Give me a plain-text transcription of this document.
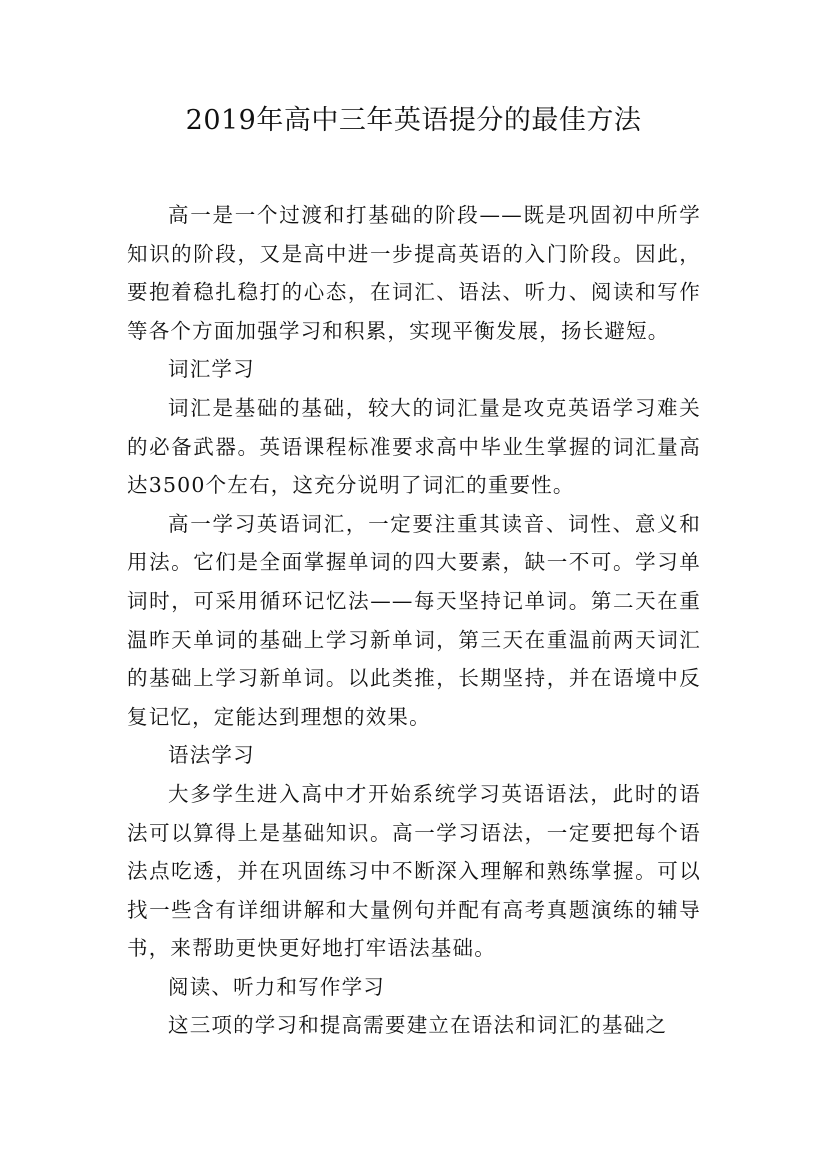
2019年高中三年英语提分的最佳方法

高一是一个过渡和打基础的阶段——既是巩固初中所学知识的阶段，又是高中进一步提高英语的入门阶段。因此，要抱着稳扎稳打的心态，在词汇、语法、听力、阅读和写作等各个方面加强学习和积累，实现平衡发展，扬长避短。

词汇学习

词汇是基础的基础，较大的词汇量是攻克英语学习难关的必备武器。英语课程标准要求高中毕业生掌握的词汇量高达3500个左右，这充分说明了词汇的重要性。

高一学习英语词汇，一定要注重其读音、词性、意义和用法。它们是全面掌握单词的四大要素，缺一不可。学习单词时，可采用循环记忆法——每天坚持记单词。第二天在重温昨天单词的基础上学习新单词，第三天在重温前两天词汇的基础上学习新单词。以此类推，长期坚持，并在语境中反复记忆，定能达到理想的效果。

语法学习

大多学生进入高中才开始系统学习英语语法，此时的语法可以算得上是基础知识。高一学习语法，一定要把每个语法点吃透，并在巩固练习中不断深入理解和熟练掌握。可以找一些含有详细讲解和大量例句并配有高考真题演练的辅导书，来帮助更快更好地打牢语法基础。

阅读、听力和写作学习

这三项的学习和提高需要建立在语法和词汇的基础之
